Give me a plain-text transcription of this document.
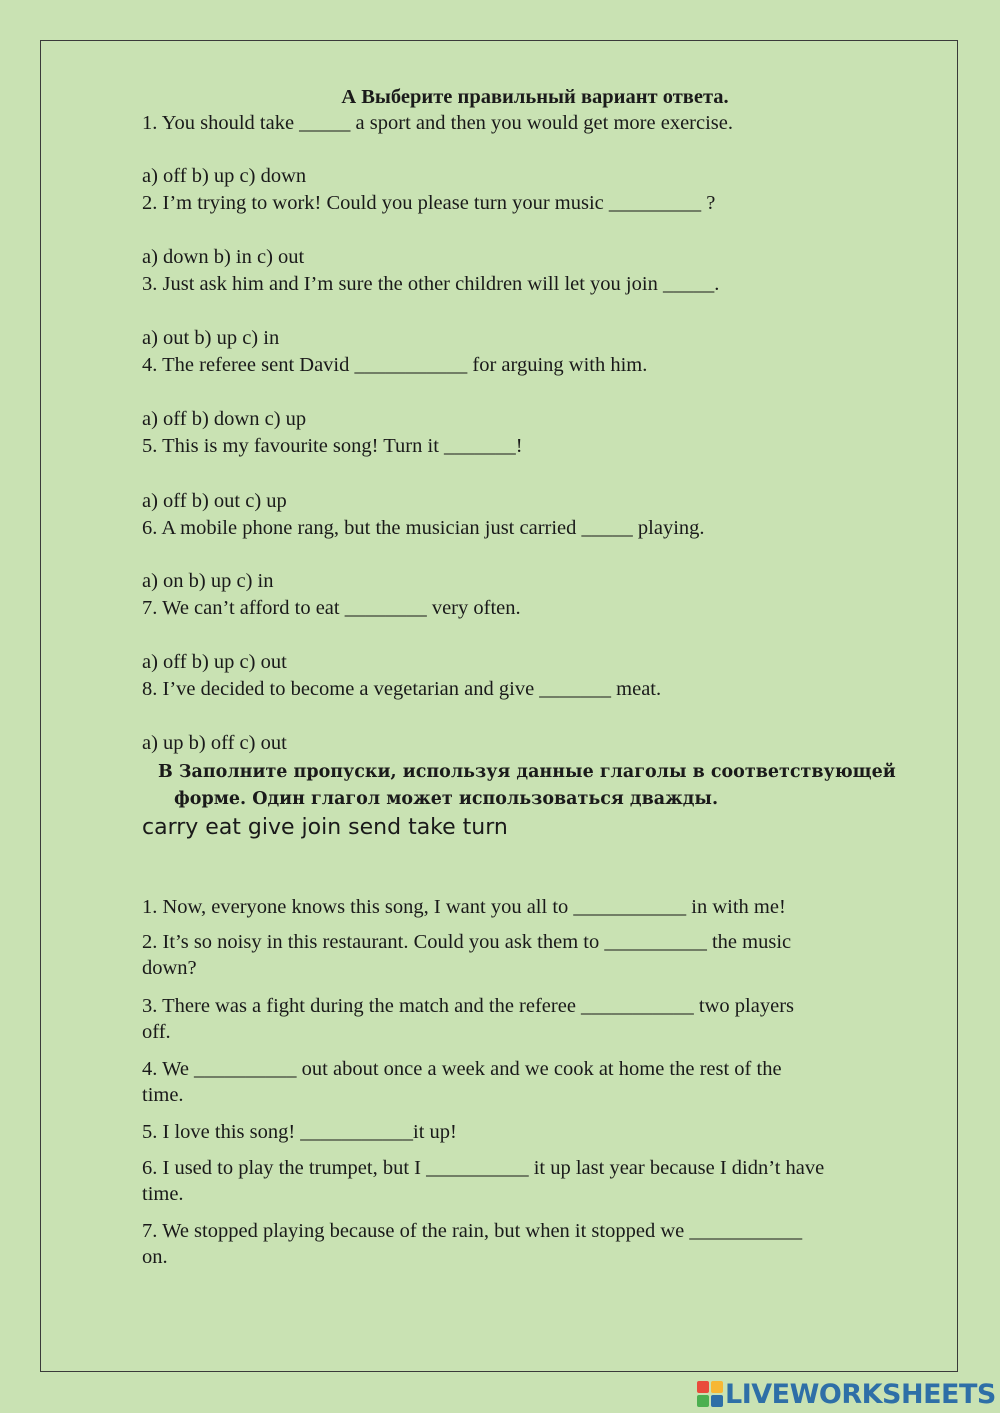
А Выберите правильный вариант ответа.
1. You should take _____ a sport and then you would get more exercise.
a) off b) up c) down
2. I’m trying to work! Could you please turn your music _________ ?
a) down b) in c) out
3. Just ask him and I’m sure the other children will let you join _____.
a) out b) up c) in
4. The referee sent David ___________ for arguing with him.
a) off b) down c) up
5. This is my favourite song! Turn it _______!
a) off b) out c) up
6. A mobile phone rang, but the musician just carried _____ playing.
a) on b) up c) in
7. We can’t afford to eat ________ very often.
a) off b) up c) out
8. I’ve decided to become a vegetarian and give _______ meat.
a) up b) off c) out
В Заполните пропуски, используя данные глаголы в соответствующей
форме. Один глагол может использоваться дважды.
carry eat give join send take turn
1. Now, everyone knows this song, I want you all to ___________ in with me!
2. It’s so noisy in this restaurant. Could you ask them to __________ the music
down?
3. There was a fight during the match and the referee ___________ two players
off.
4. We __________ out about once a week and we cook at home the rest of the
time.
5. I love this song! ___________it up!
6. I used to play the trumpet, but I __________ it up last year because I didn’t have
time.
7. We stopped playing because of the rain, but when it stopped we ___________
on.
LIVEWORKSHEETS
